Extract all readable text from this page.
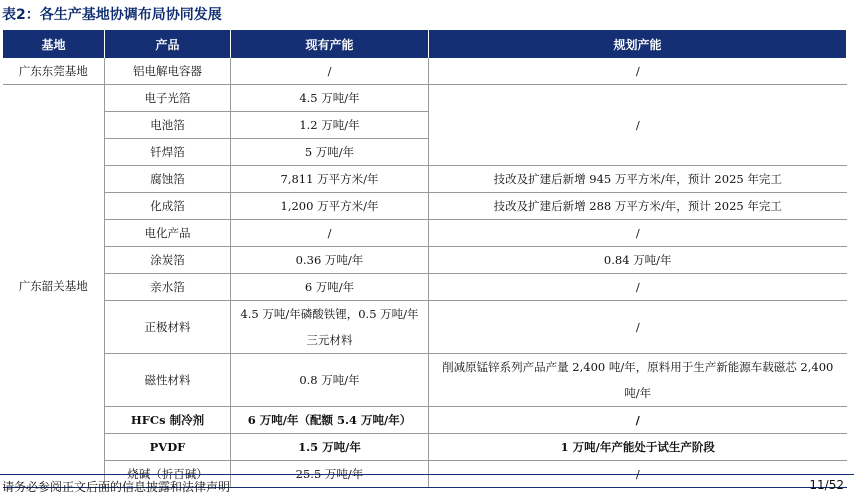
表2：各生产基地协调布局协同发展
基地	产品	现有产能	规划产能
广东东莞基地	铝电解电容器	/	/
广东韶关基地	电子光箔	4.5 万吨/年	/
	电池箔	1.2 万吨/年	
	钎焊箔	5 万吨/年	
	腐蚀箔	7,811 万平方米/年	技改及扩建后新增 945 万平方米/年，预计 2025 年完工
	化成箔	1,200 万平方米/年	技改及扩建后新增 288 万平方米/年，预计 2025 年完工
	电化产品	/	/
	涂炭箔	0.36 万吨/年	0.84 万吨/年
	亲水箔	6 万吨/年	/
	正极材料	4.5 万吨/年磷酸铁锂，0.5 万吨/年三元材料	/
	磁性材料	0.8 万吨/年	削减原锰锌系列产品产量 2,400 吨/年，原料用于生产新能源车载磁芯 2,400 吨/年
	HFCs 制冷剂	6 万吨/年（配额 5.4 万吨/年）	/
	PVDF	1.5 万吨/年	1 万吨/年产能处于试生产阶段
	烧碱（折百碱）	25.5 万吨/年	/
请务必参阅正文后面的信息披露和法律声明	11/52
